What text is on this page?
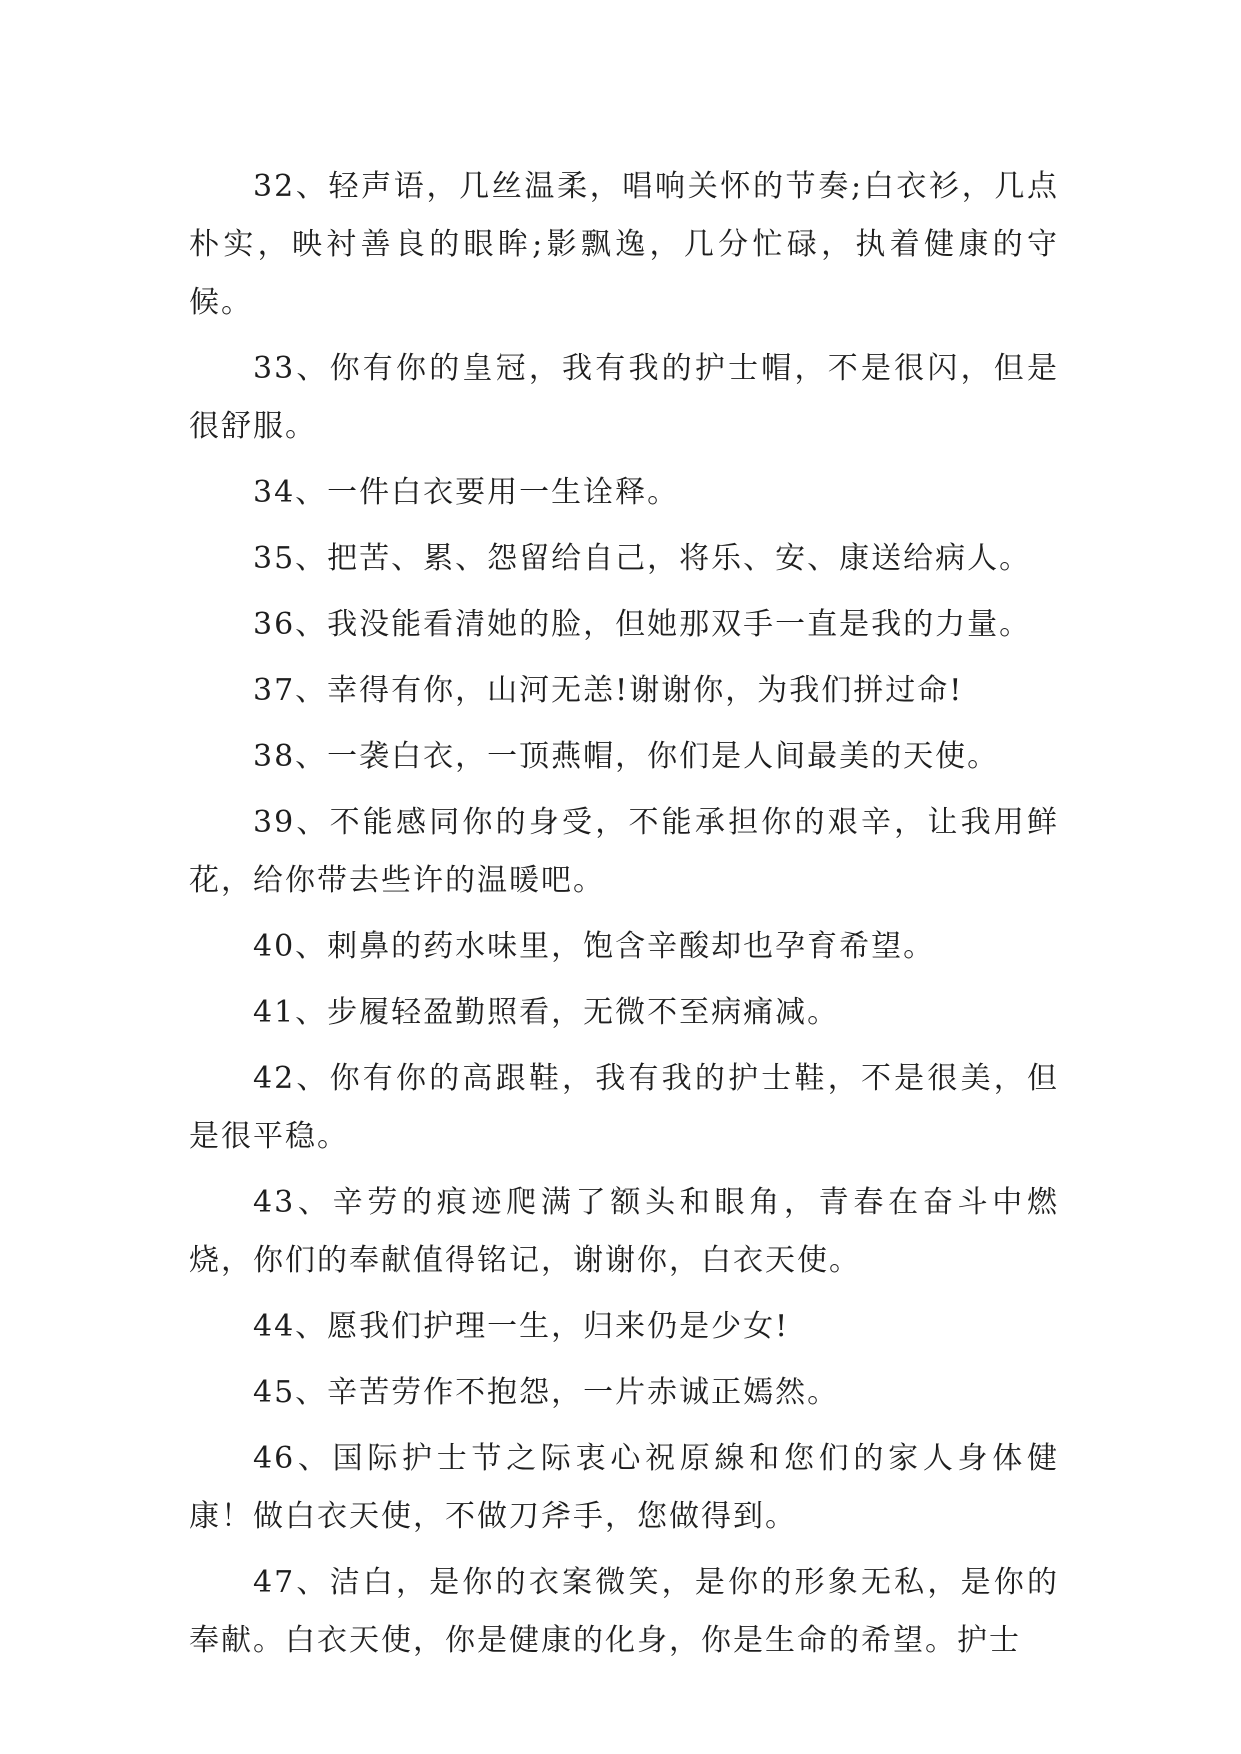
32、轻声语，几丝温柔，唱响关怀的节奏;白衣衫，几点朴实，映衬善良的眼眸;影飘逸，几分忙碌，执着健康的守候。

33、你有你的皇冠，我有我的护士帽，不是很闪，但是很舒服。

34、一件白衣要用一生诠释。

35、把苦、累、怨留给自己，将乐、安、康送给病人。

36、我没能看清她的脸，但她那双手一直是我的力量。

37、幸得有你，山河无恙!谢谢你，为我们拼过命!

38、一袭白衣，一顶燕帽，你们是人间最美的天使。

39、不能感同你的身受，不能承担你的艰辛，让我用鲜花，给你带去些许的温暖吧。

40、刺鼻的药水味里，饱含辛酸却也孕育希望。

41、步履轻盈勤照看，无微不至病痛减。

42、你有你的高跟鞋，我有我的护士鞋，不是很美，但是很平稳。

43、辛劳的痕迹爬满了额头和眼角，青春在奋斗中燃烧，你们的奉献值得铭记，谢谢你，白衣天使。

44、愿我们护理一生，归来仍是少女!

45、辛苦劳作不抱怨，一片赤诚正嫣然。

46、国际护士节之际衷心祝原線和您们的家人身体健康！做白衣天使，不做刀斧手，您做得到。

47、洁白，是你的衣案微笑，是你的形象无私，是你的奉献。白衣天使，你是健康的化身，你是生命的希望。护士
